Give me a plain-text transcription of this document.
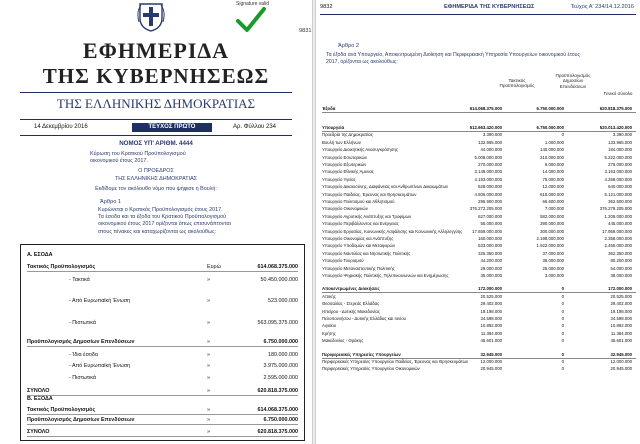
Signature valid
ΕΦΗΜΕΡΙΔΑ
ΤΗΣ ΚΥΒΕΡΝΗΣΕΩΣ
ΤΗΣ ΕΛΛΗΝΙΚΗΣ ΔΗΜΟΚΡΑΤΙΑΣ
14 Δεκεμβρίου 2016	ΤΕΥΧΟΣ ΠΡΩΤΟ	Αρ. Φύλλου 234
ΝΟΜΟΣ ΥΠ' ΑΡΙΘΜ. 4444
Κύρωση του Κρατικού Προϋπολογισμού
οικονομικού έτους 2017.
Ο ΠΡΟΕΔΡΟΣ
ΤΗΣ ΕΛΛΗΝΙΚΗΣ ΔΗΜΟΚΡΑΤΙΑΣ
Εκδίδομε τον ακόλουθο νόμο που ψήφισε η Βουλή:
Άρθρο 1
Κυρώνεται ο Κρατικός Προϋπολογισμός έτους 2017.
Τα έσοδα και τα έξοδα του Κρατικού Προϋπολογισμού
οικονομικού έτους 2017 ορίζονται όπως επισυνάπτονται
στους πίνακες και καταχωρίζονται ως ακολούθως:
Α. ΕΣΟΔΑ
Τακτικός Προϋπολογισμός	Ευρώ	614.068.375.000
- Τακτικά	»	50.450.000.000
- Από Ευρωπαϊκή Ένωση	»	523.000.000
- Πιστωτικά	»	563.095.375.000
Προϋπολογισμός Δημοσίων Επενδύσεων	»	6.750.000.000
- Ίδια έσοδα	»	180.000.000
- Από Ευρωπαϊκή Ένωση	»	3.975.000.000
- Πιστωτικά	»	2.595.000.000
ΣΥΝΟΛΟ	»	620.818.375.000
Β. ΕΞΟΔΑ
Τακτικός Προϋπολογισμός	»	614.068.375.000
Προϋπολογισμός Δημοσίων Επενδύσεων	»	6.750.000.000
ΣΥΝΟΛΟ	»	620.818.375.000
9832	ΕΦΗΜΕΡΙΔΑ ΤΗΣ ΚΥΒΕΡΝΗΣΕΩΣ	Τεύχος Α' 234/14.12.2016
Άρθρο 2
Τα έξοδα ανά Υπουργείο, Αποκεντρωμένη Διοίκηση και Περιφερειακή Υπηρεσία Υπουργείων οικονομικού έτους
2017, ορίζονται ως ακολούθως:
Τακτικός
Προϋπολογισμός
Προϋπολογισμός
Δημοσίων
Επενδύσεων
Γενικό σύνολο
Έξοδα	614.068.375.000	6.750.000.000	620.818.375.000
Υπουργεία	512.663.420.000	6.750.000.000	520.013.420.000
Προεδρία της Δημοκρατίας	3.390.000	0	3.390.000
Βουλή των Ελλήνων	132.965.000	1.000.000	133.965.000
Υπουργείο Διοικητικής Ανασυγκρότησης	44.000.000	140.000.000	184.000.000
Υπουργείο Εσωτερικών	5.008.000.000	210.000.000	5.222.000.000
Υπουργείο Εξωτερικών	270.000.000	6.000.000	276.000.000
Υπουργείο Εθνικής Άμυνας	3.149.000.000	14.000.000	3.163.000.000
Υπουργείο Υγείας	4.193.000.000	75.000.000	4.268.000.000
Υπουργείο Δικαιοσύνης, Διαφάνειας και Ανθρωπίνων Δικαιωμάτων	628.000.000	12.000.000	640.000.000
Υπουργείο Παιδείας, Έρευνας και Θρησκευμάτων	4.506.000.000	615.000.000	5.121.000.000
Υπουργείο Πολιτισμού και Αθλητισμού	295.900.000	66.600.000	362.500.000
Υπουργείο Οικονομικών	376.272.205.000	7.000.000	376.279.205.000
Υπουργείο Αγροτικής Ανάπτυξης και Τροφίμων	627.000.000	582.000.000	1.209.000.000
Υπουργείο Περιβάλλοντος και Ενέργειας	55.000.000	390.000.000	445.000.000
Υπουργείο Εργασίας, Κοινωνικής Ασφάλισης και Κοινωνικής Αλληλεγγύης	17.659.000.000	300.000.000	17.959.000.000
Υπουργείο Οικονομίας και Ανάπτυξης	160.000.000	2.198.000.000	2.358.000.000
Υπουργείο Υποδομών και Μεταφορών	533.000.000	1.922.000.000	2.455.000.000
Υπουργείο Ναυτιλίας και Νησιωτικής Πολιτικής	325.350.000	37.000.000	362.350.000
Υπουργείο Τουρισμού	44.200.000	36.000.000	80.200.000
Υπουργείο Μεταναστευτικής Πολιτικής	29.000.000	25.000.000	54.000.000
Υπουργείο Ψηφιακής Πολιτικής, Τηλεπικοινωνιών και Ενημέρωσης	35.000.000	3.000.000	38.000.000
Αποκεντρωμένες Διοικήσεις	172.000.000	0	172.000.000
Αττικής	20.525.000	0	20.525.000
Θεσσαλίας - Στερεάς Ελλάδας	29.402.000	0	29.402.000
Ηπείρου - Δυτικής Μακεδονίας	19.198.000	0	19.198.000
Πελοποννήσου - Δυτικής Ελλάδας και Ιονίου	34.598.000	0	34.598.000
Αιγαίου	10.892.000	0	10.892.000
Κρήτης	11.384.000	0	11.384.000
Μακεδονίας - Θράκης	45.601.000	0	45.601.000
Περιφερειακές Υπηρεσίες Υπουργείων	32.945.000	0	32.945.000
Περιφερειακές Υπηρεσίες Υπουργείου Παιδείας, Έρευνας και Θρησκευμάτων	12.000.000	0	12.000.000
Περιφερειακές Υπηρεσίες Υπουργείου Οικονομικών	20.945.000	0	20.945.000
9831
